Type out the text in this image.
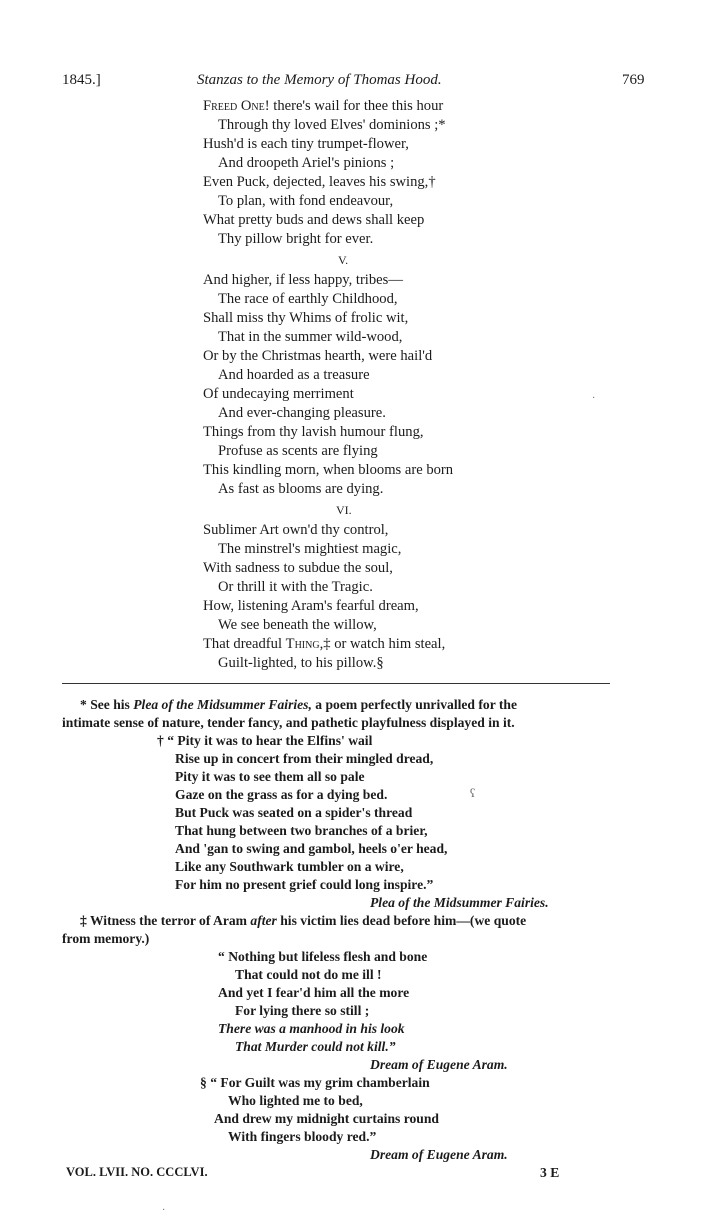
1845.]	Stanzas to the Memory of Thomas Hood.	769
Freed One! there's wail for thee this hour
Through thy loved Elves' dominions ;*
Hush'd is each tiny trumpet-flower,
And droopeth Ariel's pinions ;
Even Puck, dejected, leaves his swing,†
To plan, with fond endeavour,
What pretty buds and dews shall keep
Thy pillow bright for ever.
V.
And higher, if less happy, tribes—
The race of earthly Childhood,
Shall miss thy Whims of frolic wit,
That in the summer wild-wood,
Or by the Christmas hearth, were hail'd
And hoarded as a treasure
Of undecaying merriment
And ever-changing pleasure.
Things from thy lavish humour flung,
Profuse as scents are flying
This kindling morn, when blooms are born
As fast as blooms are dying.
VI.
Sublimer Art own'd thy control,
The minstrel's mightiest magic,
With sadness to subdue the soul,
Or thrill it with the Tragic.
How, listening Aram's fearful dream,
We see beneath the willow,
That dreadful Thing,‡ or watch him steal,
Guilt-lighted, to his pillow.§
* See his Plea of the Midsummer Fairies, a poem perfectly unrivalled for the
intimate sense of nature, tender fancy, and pathetic playfulness displayed in it.
† “ Pity it was to hear the Elfins' wail
Rise up in concert from their mingled dread,
Pity it was to see them all so pale
Gaze on the grass as for a dying bed.	ʕ
But Puck was seated on a spider's thread
That hung between two branches of a brier,
And 'gan to swing and gambol, heels o'er head,
Like any Southwark tumbler on a wire,
For him no present grief could long inspire.”
Plea of the Midsummer Fairies.
‡ Witness the terror of Aram after his victim lies dead before him—(we quote
from memory.)
“ Nothing but lifeless flesh and bone
That could not do me ill !
And yet I fear'd him all the more
For lying there so still ;
There was a manhood in his look
That Murder could not kill.”
Dream of Eugene Aram.
§ “ For Guilt was my grim chamberlain
Who lighted me to bed,
And drew my midnight curtains round
With fingers bloody red.”
Dream of Eugene Aram.
VOL. LVII. NO. CCCLVI.	3 E
·
·
